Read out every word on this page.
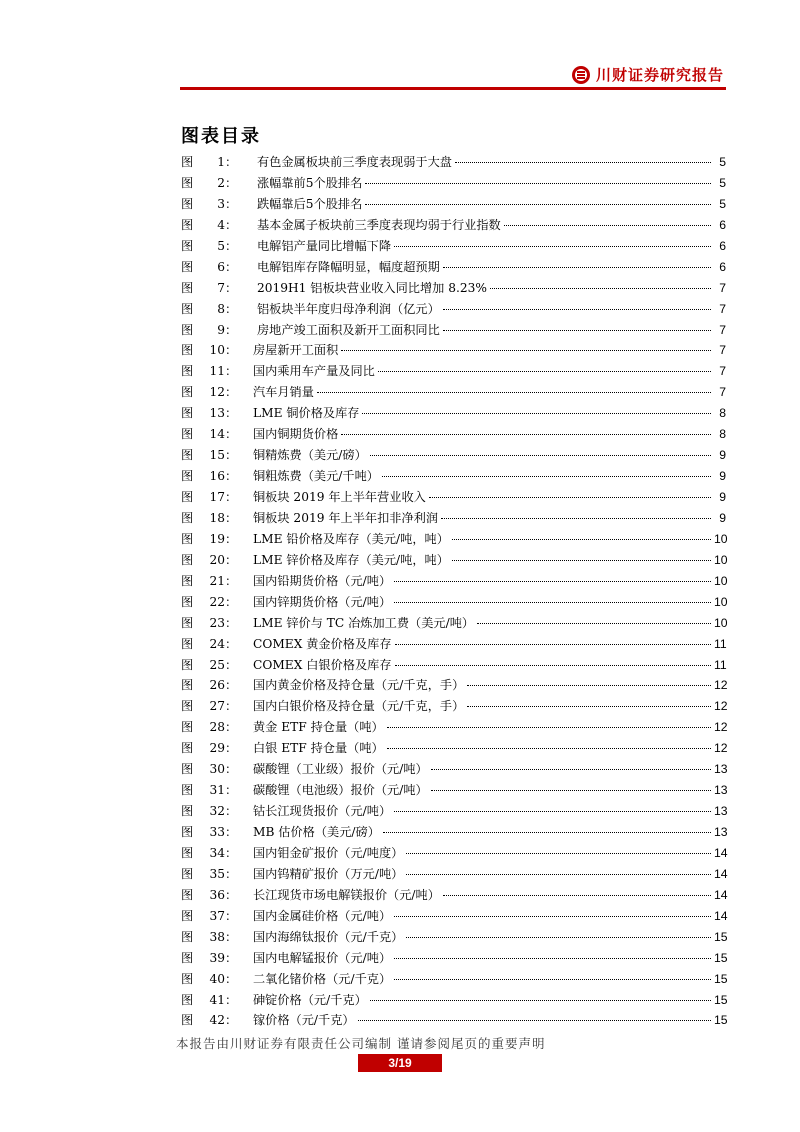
川财证券研究报告
图表目录
图	1 ： 有色金属板块前三季度表现弱于大盘	5
图	2 ： 涨幅靠前5个股排名	5
图	3 ： 跌幅靠后5个股排名	5
图	4 ： 基本金属子板块前三季度表现均弱于行业指数	6
图	5 ： 电解铝产量同比增幅下降	6
图	6 ： 电解铝库存降幅明显，幅度超预期	6
图	7 ： 2019H1 铝板块营业收入同比增加 8.23%	7
图	8 ： 铝板块半年度归母净利润（亿元）	7
图	9 ： 房地产竣工面积及新开工面积同比	7
图	10 ： 房屋新开工面积	7
图	11 ： 国内乘用车产量及同比	7
图	12 ： 汽车月销量	7
图	13 ： LME 铜价格及库存	8
图	14 ： 国内铜期货价格	8
图	15 ： 铜精炼费（美元/磅）	9
图	16 ： 铜粗炼费（美元/千吨）	9
图	17 ： 铜板块 2019 年上半年营业收入	9
图	18 ： 铜板块 2019 年上半年扣非净利润	9
图	19 ： LME 铅价格及库存（美元/吨，吨）	10
图	20 ： LME 锌价格及库存（美元/吨，吨）	10
图	21 ： 国内铅期货价格（元/吨）	10
图	22 ： 国内锌期货价格（元/吨）	10
图	23 ： LME 锌价与 TC 冶炼加工费（美元/吨）	10
图	24 ： COMEX 黄金价格及库存	11
图	25 ： COMEX 白银价格及库存	11
图	26 ： 国内黄金价格及持仓量（元/千克，手）	12
图	27 ： 国内白银价格及持仓量（元/千克，手）	12
图	28 ： 黄金 ETF 持仓量（吨）	12
图	29 ： 白银 ETF 持仓量（吨）	12
图	30 ： 碳酸锂（工业级）报价（元/吨）	13
图	31 ： 碳酸锂（电池级）报价（元/吨）	13
图	32 ： 钴长江现货报价（元/吨）	13
图	33 ： MB 估价格（美元/磅）	13
图	34 ： 国内钼金矿报价（元/吨度）	14
图	35 ： 国内钨精矿报价（万元/吨）	14
图	36 ： 长江现货市场电解镁报价（元/吨）	14
图	37 ： 国内金属硅价格（元/吨）	14
图	38 ： 国内海绵钛报价（元/千克）	15
图	39 ： 国内电解锰报价（元/吨）	15
图	40 ： 二氧化锗价格（元/千克）	15
图	41 ： 砷锭价格（元/千克）	15
图	42 ： 镓价格（元/千克）	15
本报告由川财证券有限责任公司编制 谨请参阅尾页的重要声明
3/19
